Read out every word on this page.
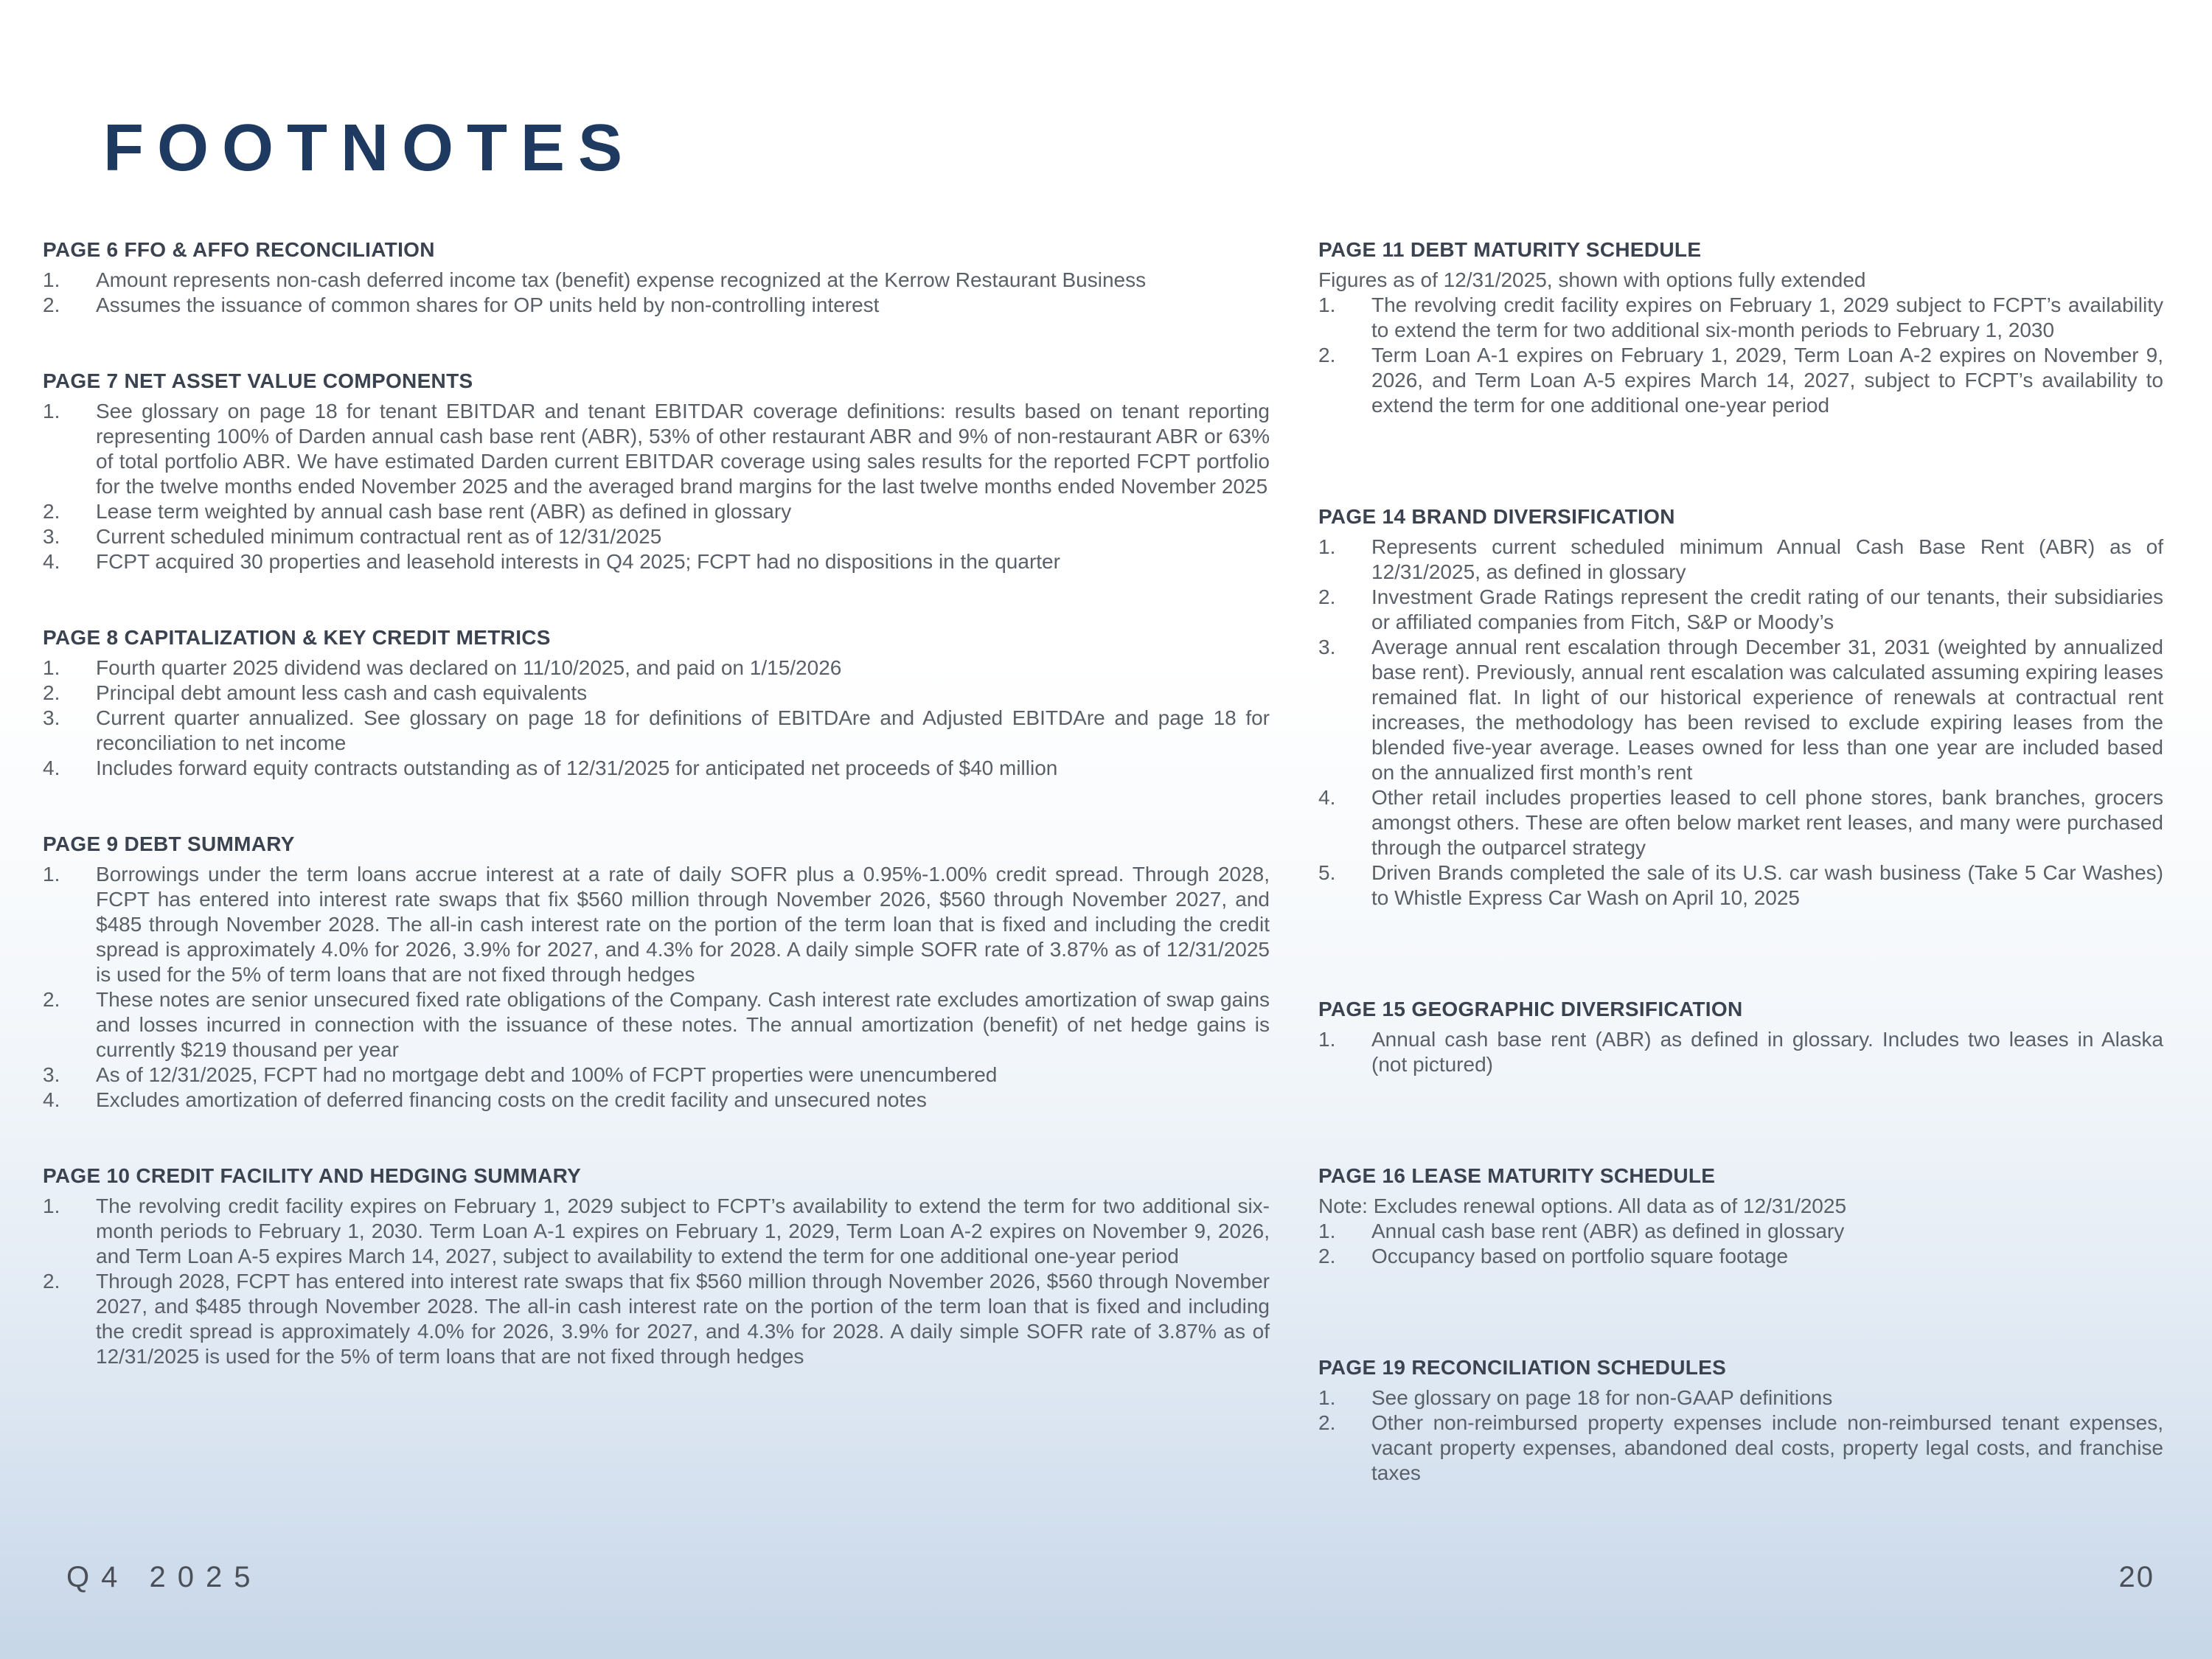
FOOTNOTES
PAGE 6 FFO & AFFO RECONCILIATION
Amount represents non-cash deferred income tax (benefit) expense recognized at the Kerrow Restaurant Business
Assumes the issuance of common shares for OP units held by non-controlling interest
PAGE 7 NET ASSET VALUE COMPONENTS
See glossary on page 18 for tenant EBITDAR and tenant EBITDAR coverage definitions: results based on tenant reporting representing 100% of Darden annual cash base rent (ABR), 53% of other restaurant ABR and 9% of non-restaurant ABR or 63% of total portfolio ABR. We have estimated Darden current EBITDAR coverage using sales results for the reported FCPT portfolio for the twelve months ended November 2025 and the averaged brand margins for the last twelve months ended November 2025
Lease term weighted by annual cash base rent (ABR) as defined in glossary
Current scheduled minimum contractual rent as of 12/31/2025
FCPT acquired 30 properties and leasehold interests in Q4 2025; FCPT had no dispositions in the quarter
PAGE 8 CAPITALIZATION & KEY CREDIT METRICS
Fourth quarter 2025 dividend was declared on 11/10/2025, and paid on 1/15/2026
Principal debt amount less cash and cash equivalents
Current quarter annualized. See glossary on page 18 for definitions of EBITDAre and Adjusted EBITDAre and page 18 for reconciliation to net income
Includes forward equity contracts outstanding as of 12/31/2025 for anticipated net proceeds of $40 million
PAGE 9 DEBT SUMMARY
Borrowings under the term loans accrue interest at a rate of daily SOFR plus a 0.95%-1.00% credit spread. Through 2028, FCPT has entered into interest rate swaps that fix $560 million through November 2026, $560 through November 2027, and $485 through November 2028. The all-in cash interest rate on the portion of the term loan that is fixed and including the credit spread is approximately 4.0% for 2026, 3.9% for 2027, and 4.3% for 2028. A daily simple SOFR rate of 3.87% as of 12/31/2025 is used for the 5% of term loans that are not fixed through hedges
These notes are senior unsecured fixed rate obligations of the Company. Cash interest rate excludes amortization of swap gains and losses incurred in connection with the issuance of these notes. The annual amortization (benefit) of net hedge gains is currently $219 thousand per year
As of 12/31/2025, FCPT had no mortgage debt and 100% of FCPT properties were unencumbered
Excludes amortization of deferred financing costs on the credit facility and unsecured notes
PAGE 10 CREDIT FACILITY AND HEDGING SUMMARY
The revolving credit facility expires on February 1, 2029 subject to FCPT’s availability to extend the term for two additional six-month periods to February 1, 2030. Term Loan A-1 expires on February 1, 2029, Term Loan A-2 expires on November 9, 2026, and Term Loan A-5 expires March 14, 2027, subject to availability to extend the term for one additional one-year period
Through 2028, FCPT has entered into interest rate swaps that fix $560 million through November 2026, $560 through November 2027, and $485 through November 2028. The all-in cash interest rate on the portion of the term loan that is fixed and including the credit spread is approximately 4.0% for 2026, 3.9% for 2027, and 4.3% for 2028. A daily simple SOFR rate of 3.87% as of 12/31/2025 is used for the 5% of term loans that are not fixed through hedges
PAGE 11 DEBT MATURITY SCHEDULE

Figures as of 12/31/2025, shown with options fully extended

The revolving credit facility expires on February 1, 2029 subject to FCPT’s availability to extend the term for two additional six-month periods to February 1, 2030
Term Loan A-1 expires on February 1, 2029, Term Loan A-2 expires on November 9, 2026, and Term Loan A-5 expires March 14, 2027, subject to FCPT’s availability to extend the term for one additional one-year period
PAGE 14 BRAND DIVERSIFICATION
Represents current scheduled minimum Annual Cash Base Rent (ABR) as of 12/31/2025, as defined in glossary
Investment Grade Ratings represent the credit rating of our tenants, their subsidiaries or affiliated companies from Fitch, S&P or Moody’s
Average annual rent escalation through December 31, 2031 (weighted by annualized base rent). Previously, annual rent escalation was calculated assuming expiring leases remained flat. In light of our historical experience of renewals at contractual rent increases, the methodology has been revised to exclude expiring leases from the blended five-year average. Leases owned for less than one year are included based on the annualized first month’s rent
Other retail includes properties leased to cell phone stores, bank branches, grocers amongst others. These are often below market rent leases, and many were purchased through the outparcel strategy
Driven Brands completed the sale of its U.S. car wash business (Take 5 Car Washes) to Whistle Express Car Wash on April 10, 2025
PAGE 15 GEOGRAPHIC DIVERSIFICATION
Annual cash base rent (ABR) as defined in glossary. Includes two leases in Alaska (not pictured)
PAGE 16 LEASE MATURITY SCHEDULE

Note: Excludes renewal options. All data as of 12/31/2025

Annual cash base rent (ABR) as defined in glossary
Occupancy based on portfolio square footage
PAGE 19 RECONCILIATION SCHEDULES
See glossary on page 18 for non-GAAP definitions
Other non-reimbursed property expenses include non-reimbursed tenant expenses, vacant property expenses, abandoned deal costs, property legal costs, and franchise taxes
Q4 2025	20
